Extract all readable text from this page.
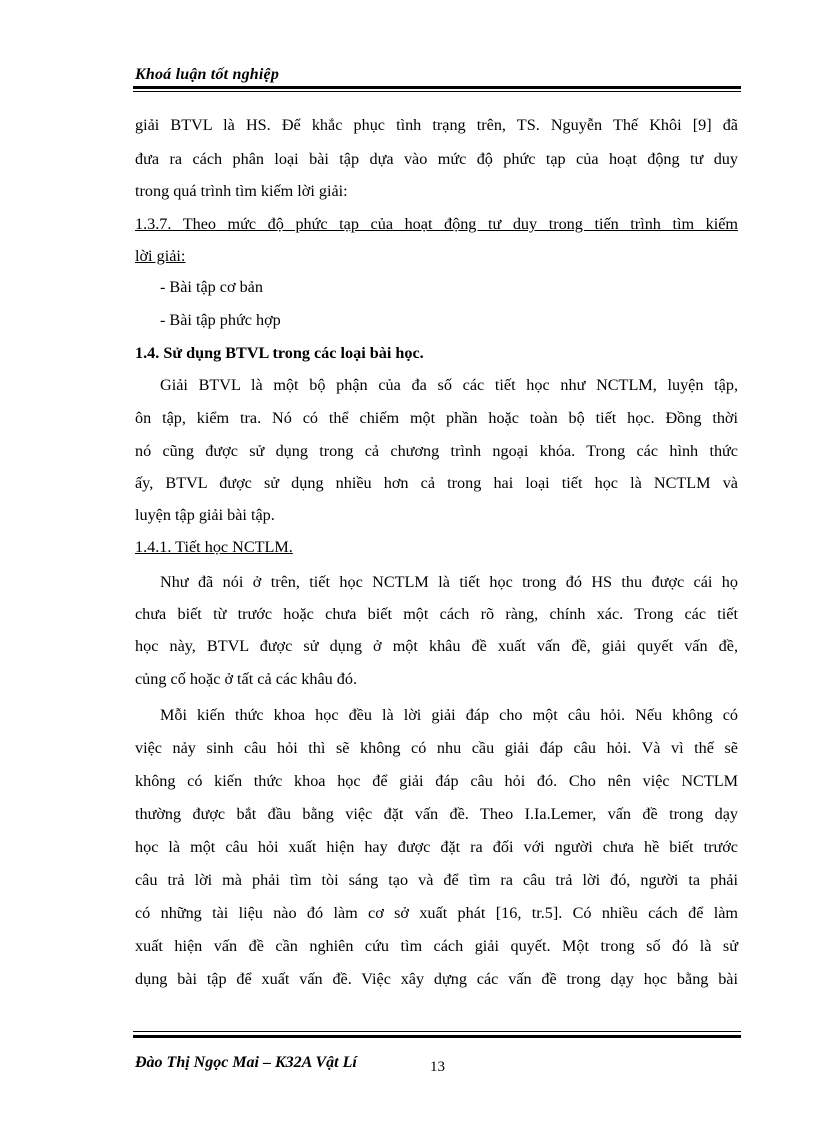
Khoá luận tốt nghiệp
giải BTVL là HS. Để khắc phục tình trạng trên, TS. Nguyễn Thế Khôi [9] đã
đưa ra cách phân loại bài tập dựa vào mức độ phức tạp của hoạt động tư duy
trong quá trình tìm kiếm lời giải:
1.3.7. Theo mức độ phức tạp của hoạt động tư duy trong tiến trình tìm kiếm
lời giải:
- Bài tập cơ bản
- Bài tập phức hợp
1.4. Sử dụng BTVL trong các loại bài học.
Giải BTVL là một bộ phận của đa số các tiết học như NCTLM, luyện tập,
ôn tập, kiểm tra. Nó có thể chiếm một phần hoặc toàn bộ tiết học. Đồng thời
nó cũng được sử dụng trong cả chương trình ngoại khóa. Trong các hình thức
ấy, BTVL được sử dụng nhiều hơn cả trong hai loại tiết học là NCTLM và
luyện tập giải bài tập.
1.4.1. Tiết học NCTLM.
Như đã nói ở trên, tiết học NCTLM là tiết học trong đó HS thu được cái họ
chưa biết từ trước hoặc chưa biết một cách rõ ràng, chính xác. Trong các tiết
học này, BTVL được sử dụng ở một khâu đề xuất vấn đề, giải quyết vấn đề,
củng cố hoặc ở tất cả các khâu đó.
Mỗi kiến thức khoa học đều là lời giải đáp cho một câu hỏi. Nếu không có
việc nảy sinh câu hỏi thì sẽ không có nhu cầu giải đáp câu hỏi. Và vì thế sẽ
không có kiến thức khoa học để giải đáp câu hỏi đó. Cho nên việc NCTLM
thường được bắt đầu bằng việc đặt vấn đề. Theo I.Ia.Lemer, vấn đề trong dạy
học là một câu hỏi xuất hiện hay được đặt ra đối với người chưa hề biết trước
câu trả lời mà phải tìm tòi sáng tạo và để tìm ra câu trả lời đó, người ta phải
có những tài liệu nào đó làm cơ sở xuất phát [16, tr.5]. Có nhiều cách để làm
xuất hiện vấn đề cần nghiên cứu tìm cách giải quyết. Một trong số đó là sử
dụng bài tập để xuất vấn đề. Việc xây dựng các vấn đề trong dạy học bằng bài
Đào Thị Ngọc Mai – K32A Vật Lí	13
